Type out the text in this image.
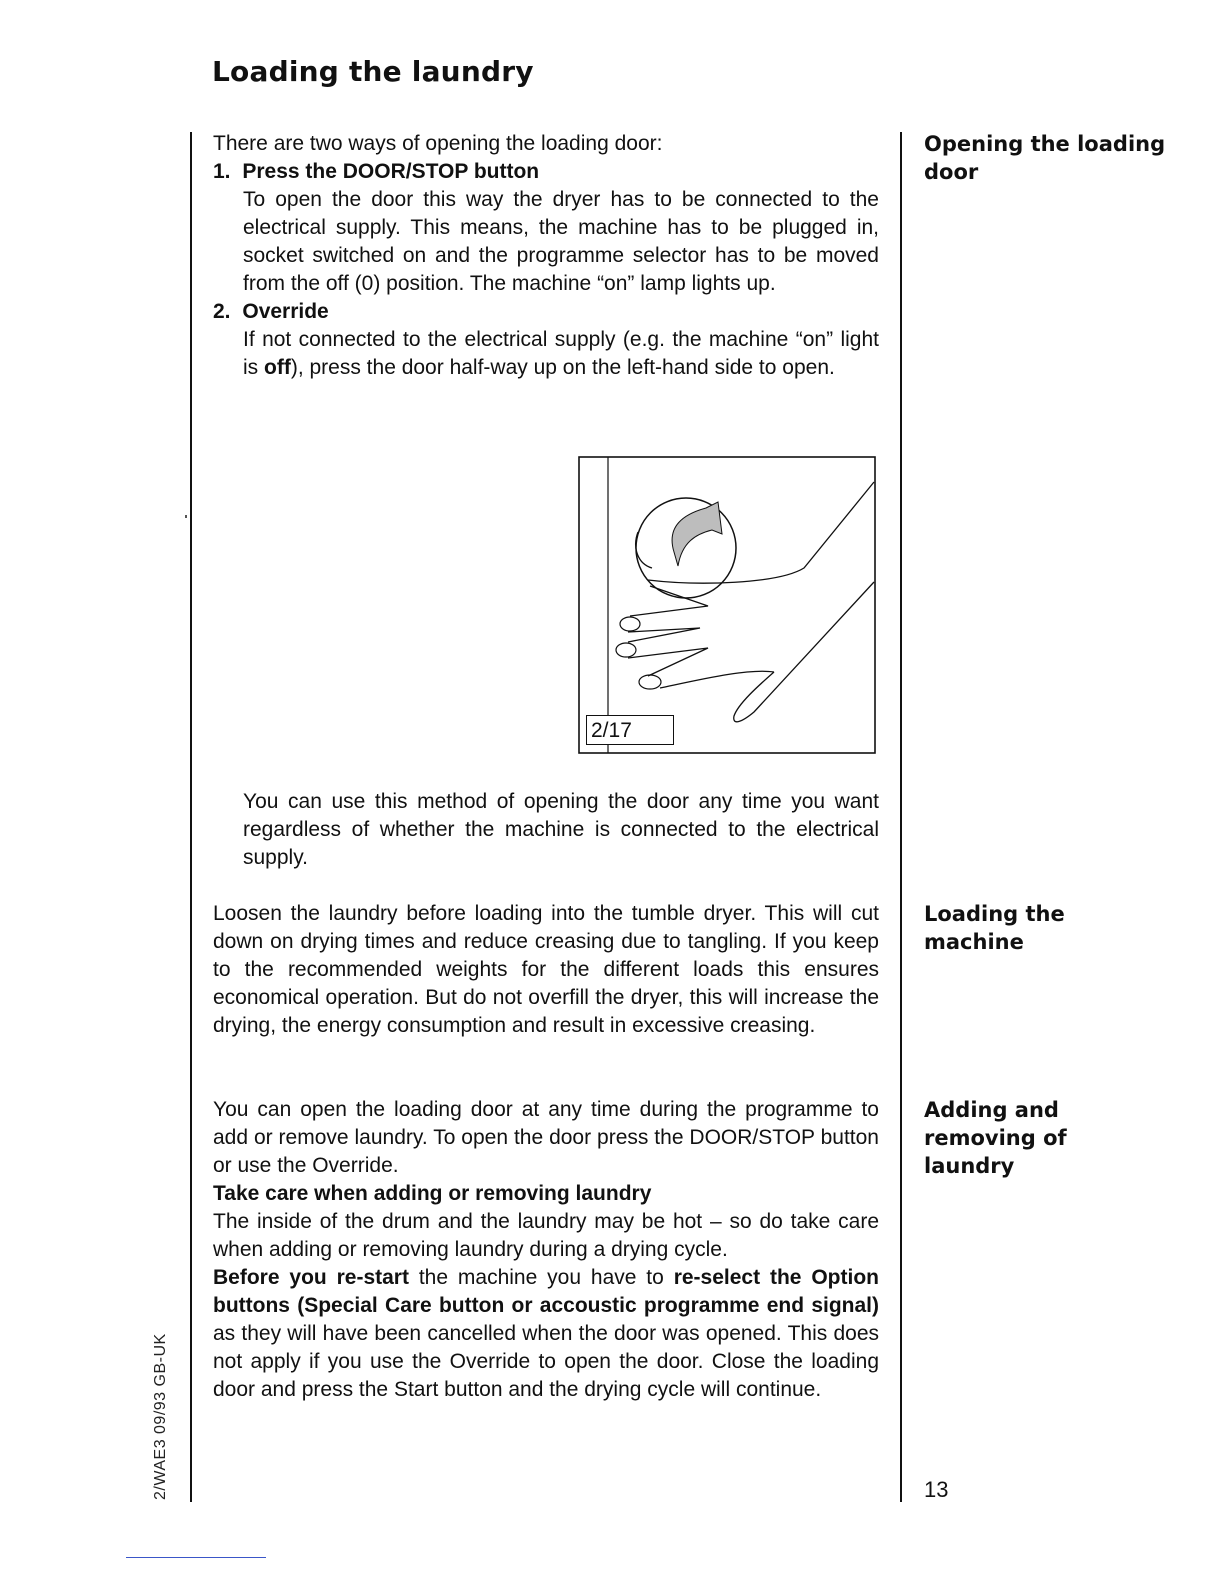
Loading the laundry
Opening the loading door
Loading the machine
Adding and removing of laundry
There are two ways of opening the loading door:
1. Press the DOOR/STOP button
To open the door this way the dryer has to be connected to the electrical supply. This means, the machine has to be plugged in, socket switched on and the programme selector has to be moved from the off (0) position. The machine “on” lamp lights up.
2. Override
If not connected to the electrical supply (e.g. the machine “on” light is off), press the door half-way up on the left-hand side to open.
2/17
You can use this method of opening the door any time you want regardless of whether the machine is connected to the electrical supply.
Loosen the laundry before loading into the tumble dryer. This will cut down on drying times and reduce creasing due to tangling. If you keep to the recommended weights for the different loads this ensures economical operation. But do not overfill the dryer, this will increase the drying, the energy consumption and result in excessive creasing.
You can open the loading door at any time during the programme to add or remove laundry. To open the door press the DOOR/STOP button or use the Override.
Take care when adding or removing laundry
The inside of the drum and the laundry may be hot – so do take care when adding or removing laundry during a drying cycle.
Before you re-start the machine you have to re-select the Option buttons (Special Care button or accoustic programme end signal) as they will have been cancelled when the door was opened. This does not apply if you use the Override to open the door. Close the loading door and press the Start button and the drying cycle will continue.
13
2/WAE3 09/93 GB-UK
